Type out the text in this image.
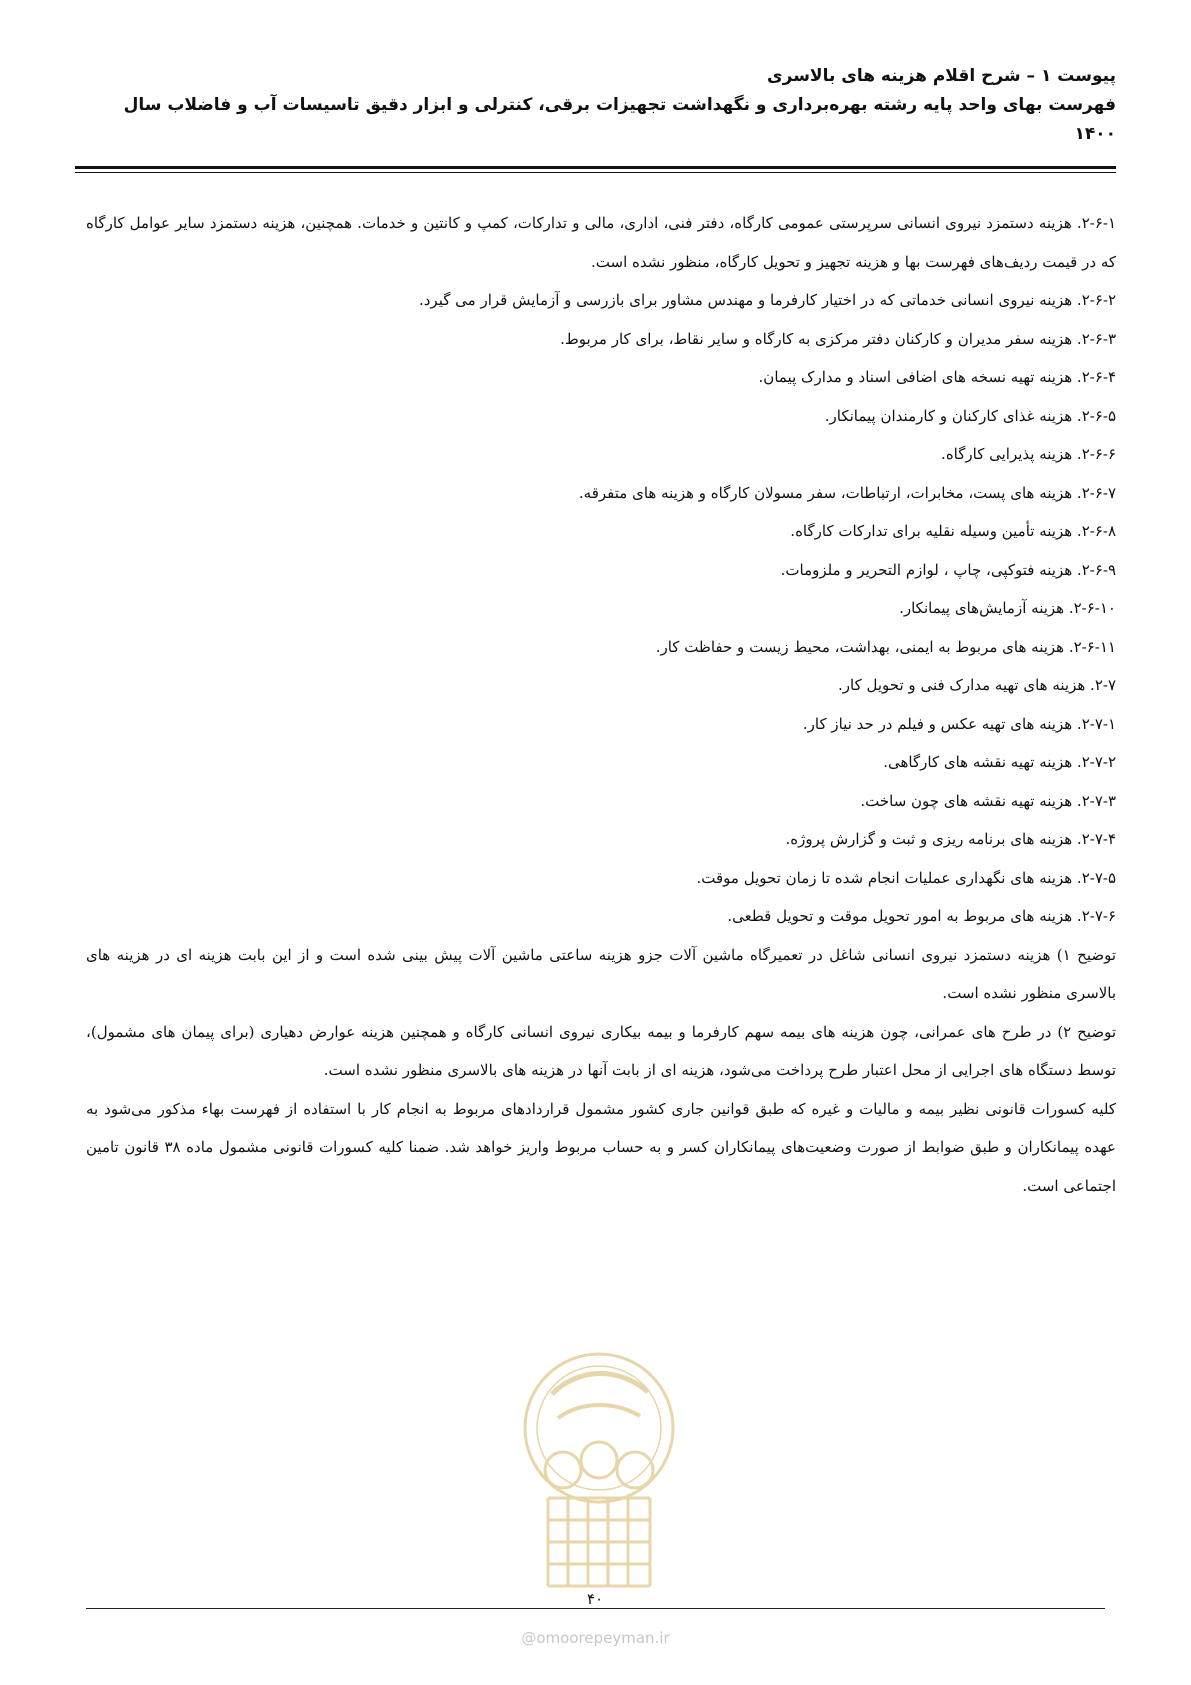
پیوست ۱ – شرح اقلام هزینه های بالاسری
فهرست بهای واحد پایه رشته بهره‌برداری و نگهداشت تجهیزات برقی، کنترلی و ابزار دقیق تاسیسات آب و فاضلاب سال
۱۴۰۰

۲-۶-۱. هزینه دستمزد نیروی انسانی سرپرستی عمومی کارگاه، دفتر فنی، اداری، مالی و تدارکات، کمپ و کانتین و خدمات. همچنین، هزینه دستمزد سایر عوامل کارگاه که در قیمت ردیف‌های فهرست بها و هزینه تجهیز و تحویل کارگاه، منظور نشده است.

۲-۶-۲. هزینه نیروی انسانی خدماتی که در اختیار کارفرما و مهندس مشاور برای بازرسی و آزمایش قرار می گیرد.

۲-۶-۳. هزینه سفر مدیران و کارکنان دفتر مرکزی به کارگاه و سایر نقاط، برای کار مربوط.

۲-۶-۴. هزینه تهیه نسخه های اضافی اسناد و مدارک پیمان.

۲-۶-۵. هزینه غذای کارکنان و کارمندان پیمانکار.

۲-۶-۶. هزینه پذیرایی کارگاه.

۲-۶-۷. هزینه های پست، مخابرات، ارتباطات، سفر مسولان کارگاه و هزینه های متفرقه.

۲-۶-۸. هزینه تأمین وسیله نقلیه برای تدارکات کارگاه.

۲-۶-۹. هزینه فتوکپی، چاپ ، لوازم التحریر و ملزومات.

۲-۶-۱۰. هزینه آزمایش‌های پیمانکار.

۲-۶-۱۱. هزینه های مربوط به ایمنی، بهداشت، محیط زیست و حفاظت کار.

۲-۷. هزینه های تهیه مدارک فنی و تحویل کار.

۲-۷-۱. هزینه های تهیه عکس و فیلم در حد نیاز کار.

۲-۷-۲. هزینه تهیه نقشه های کارگاهی.

۲-۷-۳. هزینه تهیه نقشه های چون ساخت.

۲-۷-۴. هزینه های برنامه ریزی و ثبت و گزارش پروژه.

۲-۷-۵. هزینه های نگهداری عملیات انجام شده تا زمان تحویل موقت.

۲-۷-۶. هزینه های مربوط به امور تحویل موقت و تحویل قطعی.

توضیح ۱) هزینه دستمزد نیروی انسانی شاغل در تعمیرگاه ماشین آلات جزو هزینه ساعتی ماشین آلات پیش بینی شده است و از این بابت هزینه ای در هزینه های بالاسری منظور نشده است.

توضیح ۲) در طرح های عمرانی، چون هزینه های بیمه سهم کارفرما و بیمه بیکاری نیروی انسانی کارگاه و همچنین هزینه عوارض دهیاری (برای پیمان های مشمول)، توسط دستگاه های اجرایی از محل اعتبار طرح پرداخت می‌شود، هزینه ای از بابت آنها در هزینه های بالاسری منظور نشده است.

کلیه کسورات قانونی نظیر بیمه و مالیات و غیره که طبق قوانین جاری کشور مشمول قراردادهای مربوط به انجام کار با استفاده از فهرست بهاء مذکور می‌شود به عهده پیمانکاران و طبق ضوابط از صورت وضعیت‌های پیمانکاران کسر و به حساب مربوط واریز خواهد شد. ضمنا کلیه کسورات قانونی مشمول ماده ۳۸ قانون تامین اجتماعی است.

۴۰
@omoorepeyman.ir
